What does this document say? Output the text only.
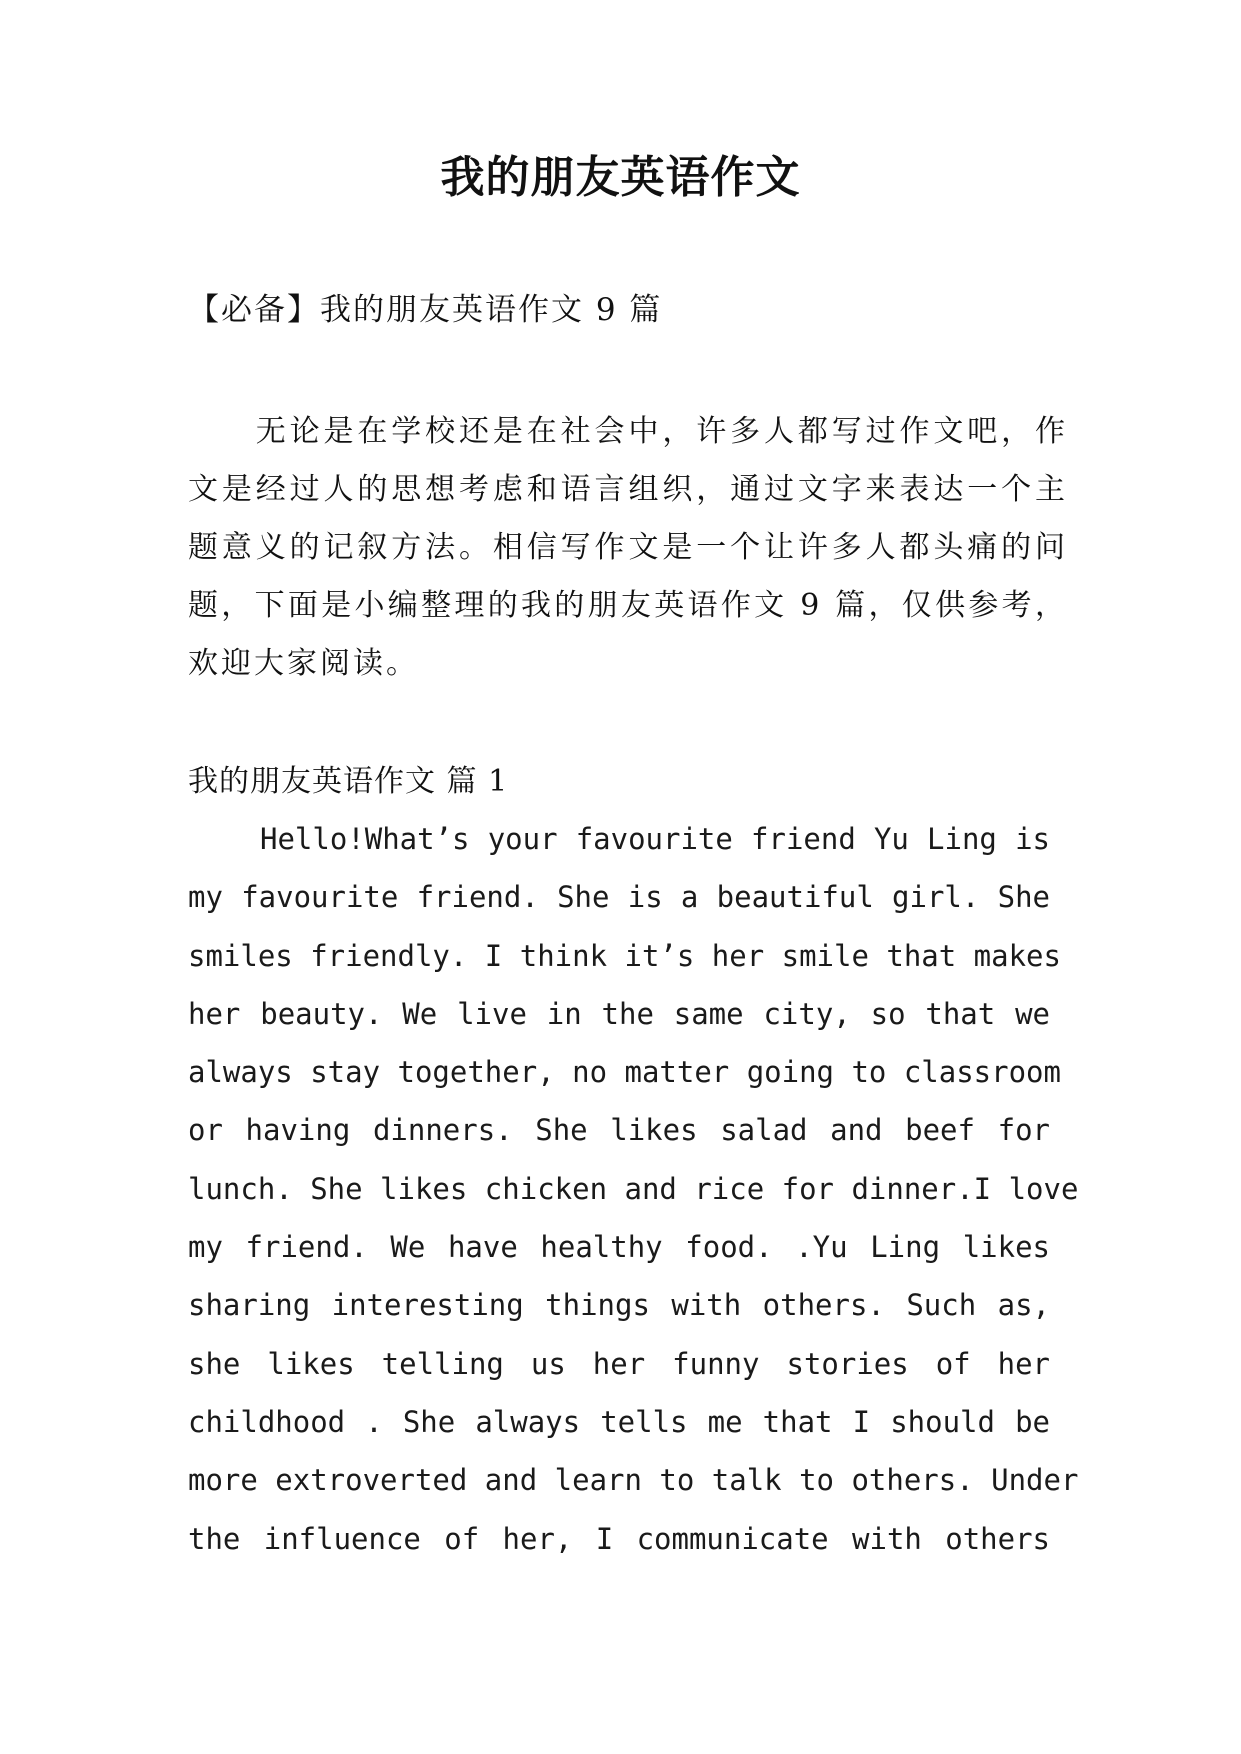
我的朋友英语作文

【必备】我的朋友英语作文 9 篇

　　无论是在学校还是在社会中，许多人都写过作文吧，作
文是经过人的思想考虑和语言组织，通过文字来表达一个主
题意义的记叙方法。相信写作文是一个让许多人都头痛的问
题，下面是小编整理的我的朋友英语作文 9 篇，仅供参考，
欢迎大家阅读。

我的朋友英语作文 篇 1

Hello!What’s your favourite friend Yu Ling is
my favourite friend. She is a beautiful girl. She
smiles friendly. I think it’s her smile that makes
her beauty. We live in the same city, so that we
always stay together, no matter going to classroom
or having dinners. She likes salad and beef for
lunch. She likes chicken and rice for dinner.I love
my friend. We have healthy food. .Yu Ling likes
sharing interesting things with others. Such as,
she likes telling us her funny stories of her
childhood . She always tells me that I should be
more extroverted and learn to talk to others. Under
the influence of her, I communicate with others
